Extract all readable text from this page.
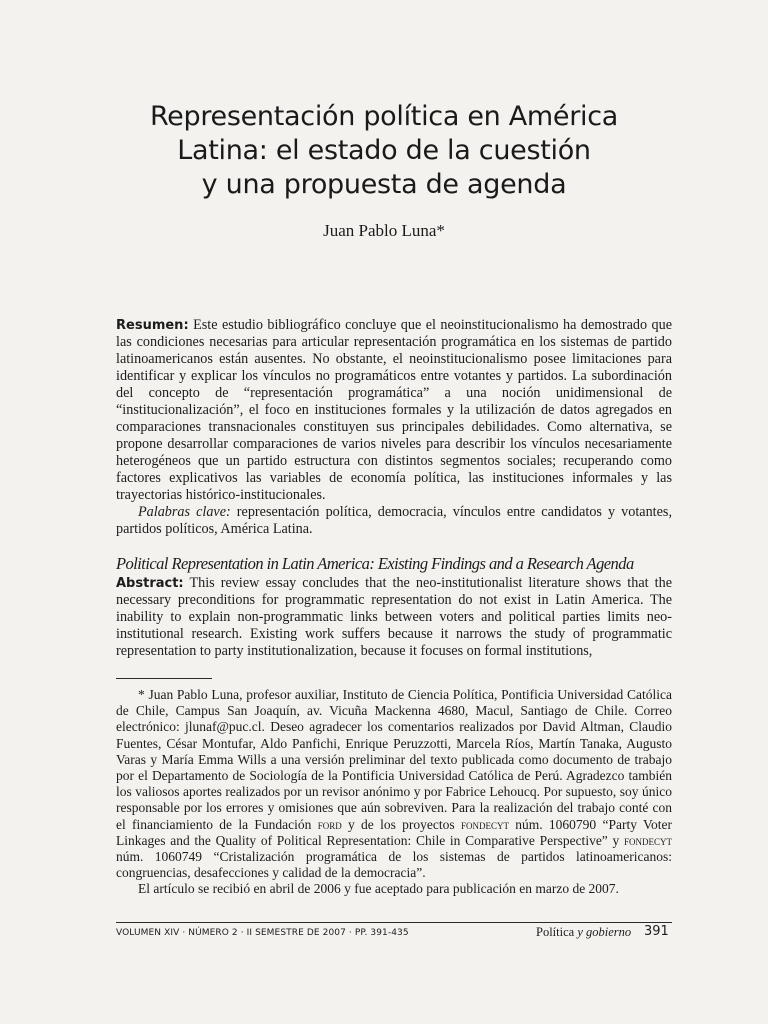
Representación política en América
Latina: el estado de la cuestión
y una propuesta de agenda
Juan Pablo Luna*

Resumen: Este estudio bibliográfico concluye que el neoinstitucionalismo ha demostrado que las condiciones necesarias para articular representación programática en los sistemas de partido latinoamericanos están ausentes. No obstante, el neoinstitucionalismo posee limitaciones para identificar y explicar los vínculos no programáticos entre votantes y partidos. La subordinación del concepto de “representación programática” a una noción unidimensional de “institucionalización”, el foco en instituciones formales y la utilización de datos agregados en comparaciones transnacionales constituyen sus principales debilidades. Como alternativa, se propone desarrollar comparaciones de varios niveles para describir los vínculos necesariamente heterogéneos que un partido estructura con distintos segmentos sociales; recuperando como factores explicativos las variables de economía política, las instituciones informales y las trayectorias histórico-institucionales.

Palabras clave: representación política, democracia, vínculos entre candidatos y votantes, partidos políticos, América Latina.

Political Representation in Latin America: Existing Findings and a Research Agenda

Abstract: This review essay concludes that the neo-institutionalist literature shows that the necessary preconditions for programmatic representation do not exist in Latin America. The inability to explain non-programmatic links between voters and political parties limits neo-institutional research. Existing work suffers because it narrows the study of programmatic representation to party institutionalization, because it focuses on formal institutions,

* Juan Pablo Luna, profesor auxiliar, Instituto de Ciencia Política, Pontificia Universidad Católica de Chile, Campus San Joaquín, av. Vicuña Mackenna 4680, Macul, Santiago de Chile. Correo electrónico: jlunaf@puc.cl. Deseo agradecer los comentarios realizados por David Altman, Claudio Fuentes, César Montufar, Aldo Panfichi, Enrique Peruzzotti, Marcela Ríos, Martín Tanaka, Augusto Varas y María Emma Wills a una versión preliminar del texto publicada como documento de trabajo por el Departamento de Sociología de la Pontificia Universidad Católica de Perú. Agradezco también los valiosos aportes realizados por un revisor anónimo y por Fabrice Lehoucq. Por supuesto, soy único responsable por los errores y omisiones que aún sobreviven. Para la realización del trabajo conté con el financiamiento de la Fundación ford y de los proyectos fondecyt núm. 1060790 “Party Voter Linkages and the Quality of Political Representation: Chile in Comparative Perspective” y fondecyt núm. 1060749 “Cristalización programática de los sistemas de partidos latinoamericanos: congruencias, desafecciones y calidad de la democracia”.

El artículo se recibió en abril de 2006 y fue aceptado para publicación en marzo de 2007.

VOLUMEN XIV · NÚMERO 2 · II SEMESTRE DE 2007 · PP. 391-435	Política y gobierno 391
